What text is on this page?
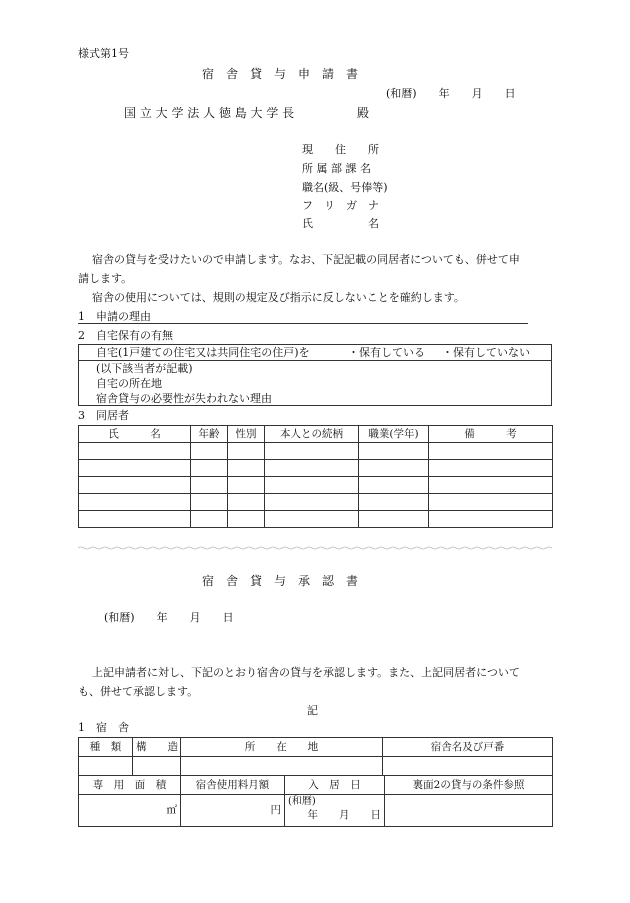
様式第1号
宿　舎　貸　与　申　請　書
(和暦)　　年　　月　　日
国 立 大 学 法 人 徳 島 大 学 長	殿
現　　住　　所
所 属 部 課 名
職名(級、号俸等)
フ　リ　ガ　ナ
氏　　　　　名
宿舎の貸与を受けたいので申請します。なお、下記記載の同居者についても、併せて申
請します。
宿舎の使用については、規則の規定及び指示に反しないことを確約します。
1　申請の理由
2　自宅保有の有無
自宅(1戸建ての住宅又は共同住宅の住戸)を	・保有している ・保有していない
(以下該当者が記載)
自宅の所在地
宿舎貸与の必要性が失われない理由
3　同居者
氏　　　名	年齢	性別	本人との続柄	職業(学年)	備　　　考

宿　舎　貸　与　承　認　書
(和暦)　　年　　月　　日
上記申請者に対し、下記のとおり宿舎の貸与を承認します。また、上記同居者について
も、併せて承認します。
記
1　宿　舎
種　類	構　　造	所　　在　　地	宿舎名及び戸番

専　用　面　積	宿舎使用料月額	入　居　日	裏面2の貸与の条件参照
㎡	円	(和暦)
年　　月　　日	
